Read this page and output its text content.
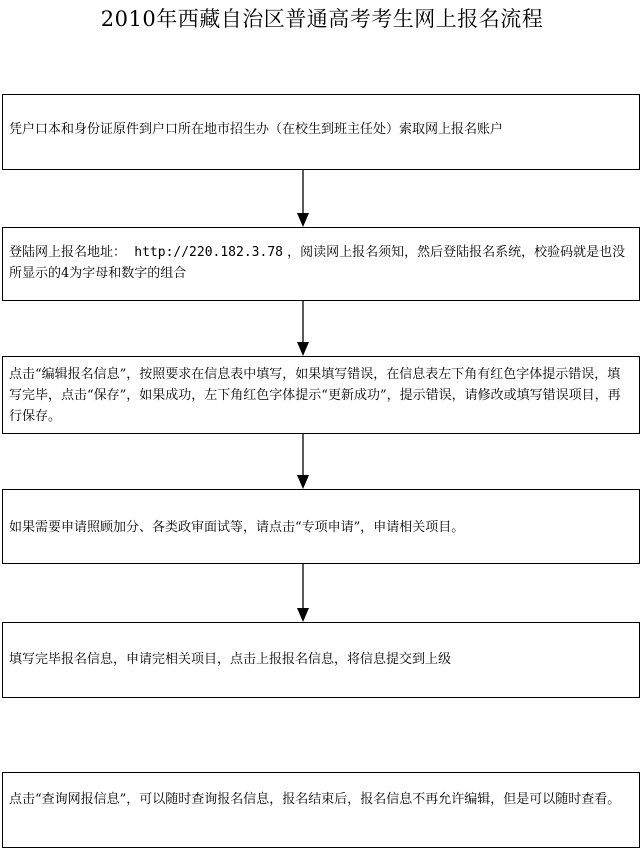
2010年西藏自治区普通高考考生网上报名流程
凭户口本和身份证原件到户口所在地市招生办（在校生到班主任处）索取网上报名账户
登陆网上报名地址：  http://220.182.3.78 ，阅读网上报名须知，然后登陆报名系统，校验码就是也没所显示的4为字母和数字的组合
点击“编辑报名信息”，按照要求在信息表中填写，如果填写错误，在信息表左下角有红色字体提示错误，填写完毕，点击“保存”，如果成功，左下角红色字体提示“更新成功”，提示错误，请修改或填写错误项目，再行保存。
如果需要申请照顾加分、各类政审面试等，请点击“专项申请”，申请相关项目。
填写完毕报名信息，申请完相关项目，点击上报报名信息，将信息提交到上级
点击“查询网报信息”，可以随时查询报名信息，报名结束后，报名信息不再允许编辑，但是可以随时查看。
